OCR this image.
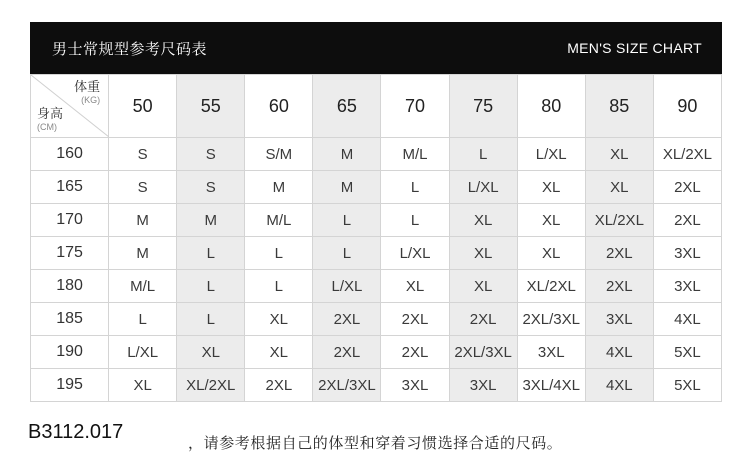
男士常规型参考尺码表	MEN'S SIZE CHART
体重
(KG)
身高
(CM)	50	55	60	65	70	75	80	85	90
160	S	S	S/M	M	M/L	L	L/XL	XL	XL/2XL
165	S	S	M	M	L	L/XL	XL	XL	2XL
170	M	M	M/L	L	L	XL	XL	XL/2XL	2XL
175	M	L	L	L	L/XL	XL	XL	2XL	3XL
180	M/L	L	L	L/XL	XL	XL	XL/2XL	2XL	3XL
185	L	L	XL	2XL	2XL	2XL	2XL/3XL	3XL	4XL
190	L/XL	XL	XL	2XL	2XL	2XL/3XL	3XL	4XL	5XL
195	XL	XL/2XL	2XL	2XL/3XL	3XL	3XL	3XL/4XL	4XL	5XL
B3112.017	，请参考根据自己的体型和穿着习惯选择合适的尺码。
